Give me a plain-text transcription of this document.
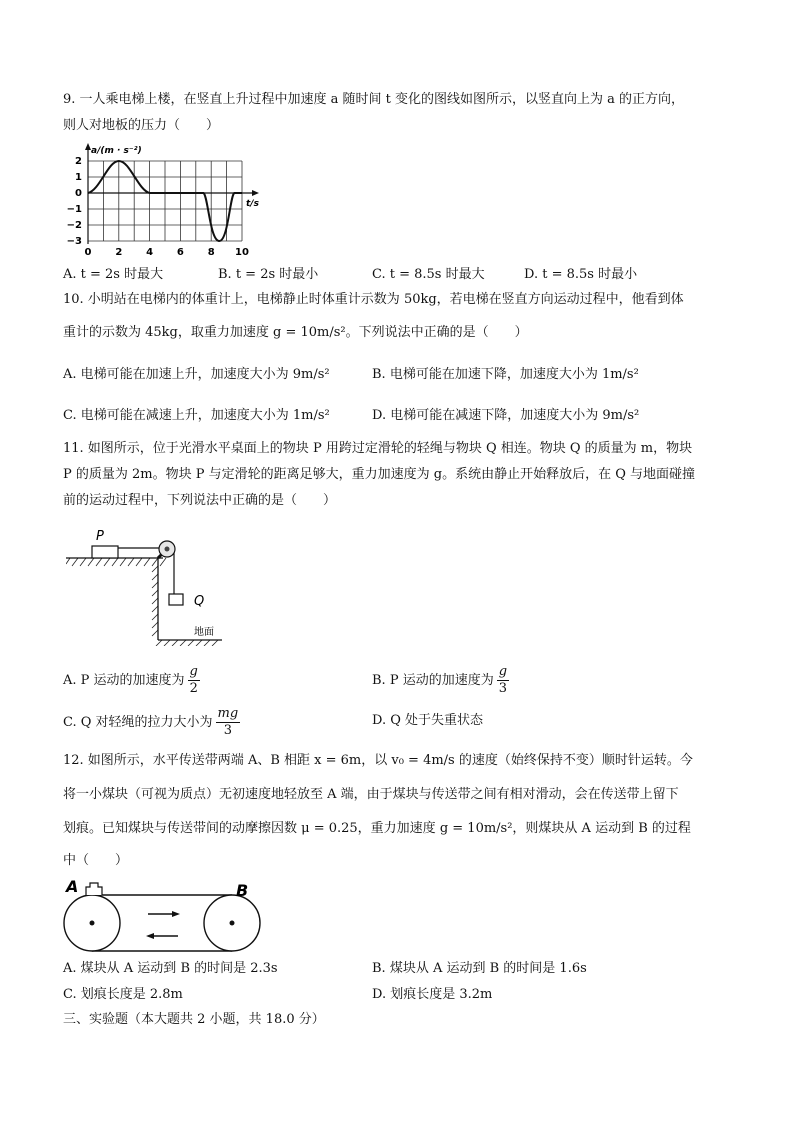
9. 一人乘电梯上楼，在竖直上升过程中加速度 a 随时间 t 变化的图线如图所示，以竖直向上为 a 的正方向，
则人对地板的压力（　　）
a/(m · s⁻²)
t/s
2
1
0
−1
−2
−3
0 2 4 6 8 10
A. t = 2s 时最大	B. t = 2s 时最小	C. t = 8.5s 时最大	D. t = 8.5s 时最小
10. 小明站在电梯内的体重计上，电梯静止时体重计示数为 50kg，若电梯在竖直方向运动过程中，他看到体
重计的示数为 45kg，取重力加速度 g = 10m/s²。下列说法中正确的是（　　）
A. 电梯可能在加速上升，加速度大小为 9m/s²	B. 电梯可能在加速下降，加速度大小为 1m/s²
C. 电梯可能在减速上升，加速度大小为 1m/s²	D. 电梯可能在减速下降，加速度大小为 9m/s²
11. 如图所示，位于光滑水平桌面上的物块 P 用跨过定滑轮的轻绳与物块 Q 相连。物块 Q 的质量为 m，物块
P 的质量为 2m。物块 P 与定滑轮的距离足够大，重力加速度为 g。系统由静止开始释放后，在 Q 与地面碰撞
前的运动过程中，下列说法中正确的是（　　）
P
Q
地面
A. P 运动的加速度为 $\frac{g}{2}$	B. P 运动的加速度为 $\frac{g}{3}$
C. Q 对轻绳的拉力大小为 $\frac{mg}{3}$	D. Q 处于失重状态
12. 如图所示，水平传送带两端 A、B 相距 x = 6m，以 v₀ = 4m/s 的速度（始终保持不变）顺时针运转。今
将一小煤块（可视为质点）无初速度地轻放至 A 端，由于煤块与传送带之间有相对滑动，会在传送带上留下
划痕。已知煤块与传送带间的动摩擦因数 μ = 0.25，重力加速度 g = 10m/s²，则煤块从 A 运动到 B 的过程
中（　　）
A	B
A. 煤块从 A 运动到 B 的时间是 2.3s	B. 煤块从 A 运动到 B 的时间是 1.6s
C. 划痕长度是 2.8m	D. 划痕长度是 3.2m
三、实验题（本大题共 2 小题，共 18.0 分）
